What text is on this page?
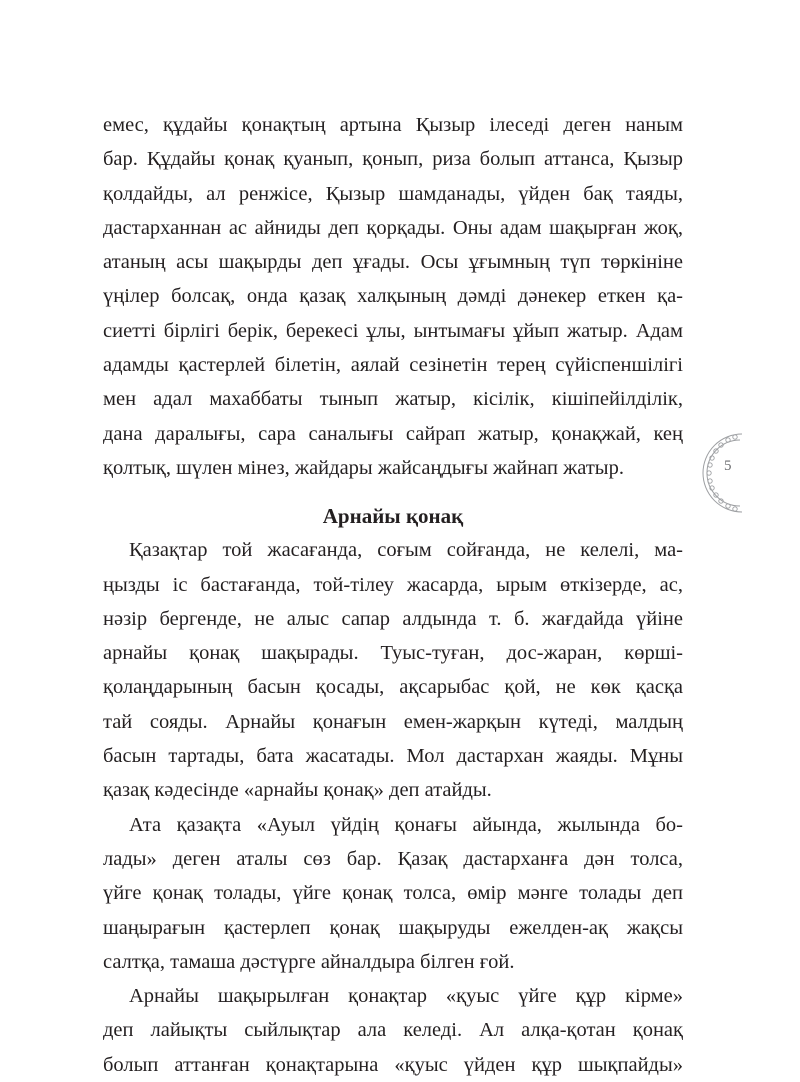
емес, құдайы қонақтың артына Қызыр ілеседі деген наным
бар. Құдайы қонақ қуанып, қонып, риза болып аттанса, Қызыр
қолдайды, ал ренжісе, Қызыр шамданады, үйден бақ таяды,
дастарханнан ас айниды деп қорқады. Оны адам шақырған жоқ,
атаның асы шақырды деп ұғады. Осы ұғымның түп төркініне
үңілер болсақ, онда қазақ халқының дәмді дәнекер еткен қа-
сиетті бірлігі берік, берекесі ұлы, ынтымағы ұйып жатыр. Адам
адамды қастерлей білетін, аялай сезінетін терең сүйіспеншілігі
мен адал махаббаты тынып жатыр, кісілік, кішіпейілділік,
дана даралығы, сара саналығы сайрап жатыр, қонақжай, кең
қолтық, шүлен мінез, жайдары жайсаңдығы жайнап жатыр.
Арнайы қонақ
Қазақтар той жасағанда, соғым сойғанда, не келелі, ма-
ңызды іс бастағанда, той-тілеу жасарда, ырым өткізерде, ас,
нәзір бергенде, не алыс сапар алдында т. б. жағдайда үйіне
арнайы қонақ шақырады. Туыс-туған, дос-жаран, көрші-
қолаңдарының басын қосады, ақсарыбас қой, не көк қасқа
тай сояды. Арнайы қонағын емен-жарқын күтеді, малдың
басын тартады, бата жасатады. Мол дастархан жаяды. Мұны
қазақ кәдесінде «арнайы қонақ» деп атайды.
Ата қазақта «Ауыл үйдің қонағы айында, жылында бо-
лады» деген аталы сөз бар. Қазақ дастарханға дән толса,
үйге қонақ толады, үйге қонақ толса, өмір мәнге толады деп
шаңырағын қастерлеп қонақ шақыруды ежелден-ақ жақсы
салтқа, тамаша дәстүрге айналдыра білген ғой.
Арнайы шақырылған қонақтар «қуыс үйге құр кірме»
деп лайықты сыйлықтар ала келеді. Ал алқа-қотан қонақ
болып аттанған қонақтарына «қуыс үйден құр шықпайды»
5
